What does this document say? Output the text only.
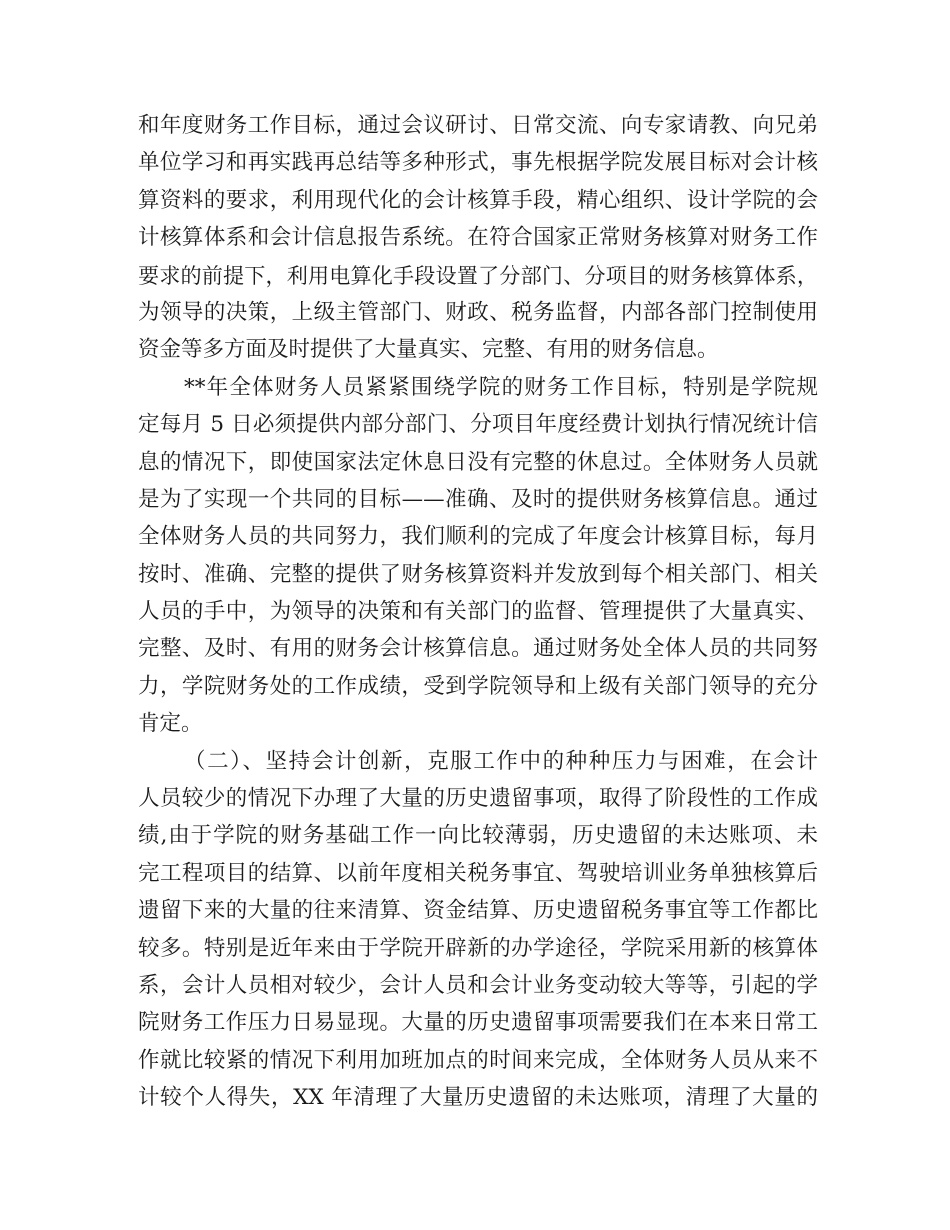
和年度财务工作目标，通过会议研讨、日常交流、向专家请教、向兄弟
单位学习和再实践再总结等多种形式，事先根据学院发展目标对会计核
算资料的要求，利用现代化的会计核算手段，精心组织、设计学院的会
计核算体系和会计信息报告系统。在符合国家正常财务核算对财务工作
要求的前提下，利用电算化手段设置了分部门、分项目的财务核算体系，
为领导的决策，上级主管部门、财政、税务监督，内部各部门控制使用
资金等多方面及时提供了大量真实、完整、有用的财务信息。
**年全体财务人员紧紧围绕学院的财务工作目标，特别是学院规
定每月 5 日必须提供内部分部门、分项目年度经费计划执行情况统计信
息的情况下，即使国家法定休息日没有完整的休息过。全体财务人员就
是为了实现一个共同的目标——准确、及时的提供财务核算信息。通过
全体财务人员的共同努力，我们顺利的完成了年度会计核算目标，每月
按时、准确、完整的提供了财务核算资料并发放到每个相关部门、相关
人员的手中，为领导的决策和有关部门的监督、管理提供了大量真实、
完整、及时、有用的财务会计核算信息。通过财务处全体人员的共同努
力，学院财务处的工作成绩，受到学院领导和上级有关部门领导的充分
肯定。
（二）、坚持会计创新，克服工作中的种种压力与困难，在会计
人员较少的情况下办理了大量的历史遗留事项，取得了阶段性的工作成
绩,由于学院的财务基础工作一向比较薄弱，历史遗留的未达账项、未
完工程项目的结算、以前年度相关税务事宜、驾驶培训业务单独核算后
遗留下来的大量的往来清算、资金结算、历史遗留税务事宜等工作都比
较多。特别是近年来由于学院开辟新的办学途径，学院采用新的核算体
系，会计人员相对较少，会计人员和会计业务变动较大等等，引起的学
院财务工作压力日易显现。大量的历史遗留事项需要我们在本来日常工
作就比较紧的情况下利用加班加点的时间来完成，全体财务人员从来不
计较个人得失，XX 年清理了大量历史遗留的未达账项，清理了大量的
